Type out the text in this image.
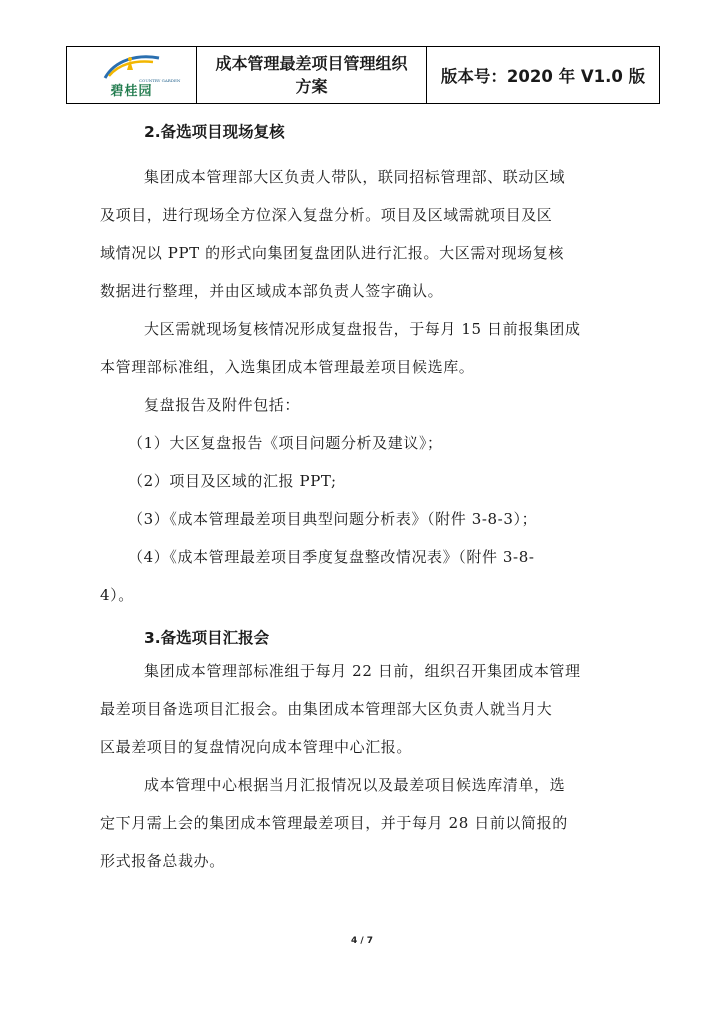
碧桂园
COUNTRY GARDEN
成本管理最差项目管理组织
方案
版本号：2020 年 V1.0 版
2.备选项目现场复核
集团成本管理部大区负责人带队，联同招标管理部、联动区域
及项目，进行现场全方位深入复盘分析。项目及区域需就项目及区
域情况以 PPT 的形式向集团复盘团队进行汇报。大区需对现场复核
数据进行整理，并由区域成本部负责人签字确认。
大区需就现场复核情况形成复盘报告，于每月 15 日前报集团成
本管理部标准组，入选集团成本管理最差项目候选库。
复盘报告及附件包括：
（1）大区复盘报告《项目问题分析及建议》；
（2）项目及区域的汇报 PPT;
（3）《成本管理最差项目典型问题分析表》（附件 3-8-3）；
（4）《成本管理最差项目季度复盘整改情况表》（附件 3-8-
4）。
3.备选项目汇报会
集团成本管理部标准组于每月 22 日前，组织召开集团成本管理
最差项目备选项目汇报会。由集团成本管理部大区负责人就当月大
区最差项目的复盘情况向成本管理中心汇报。
成本管理中心根据当月汇报情况以及最差项目候选库清单，选
定下月需上会的集团成本管理最差项目，并于每月 28 日前以简报的
形式报备总裁办。
4 / 7
